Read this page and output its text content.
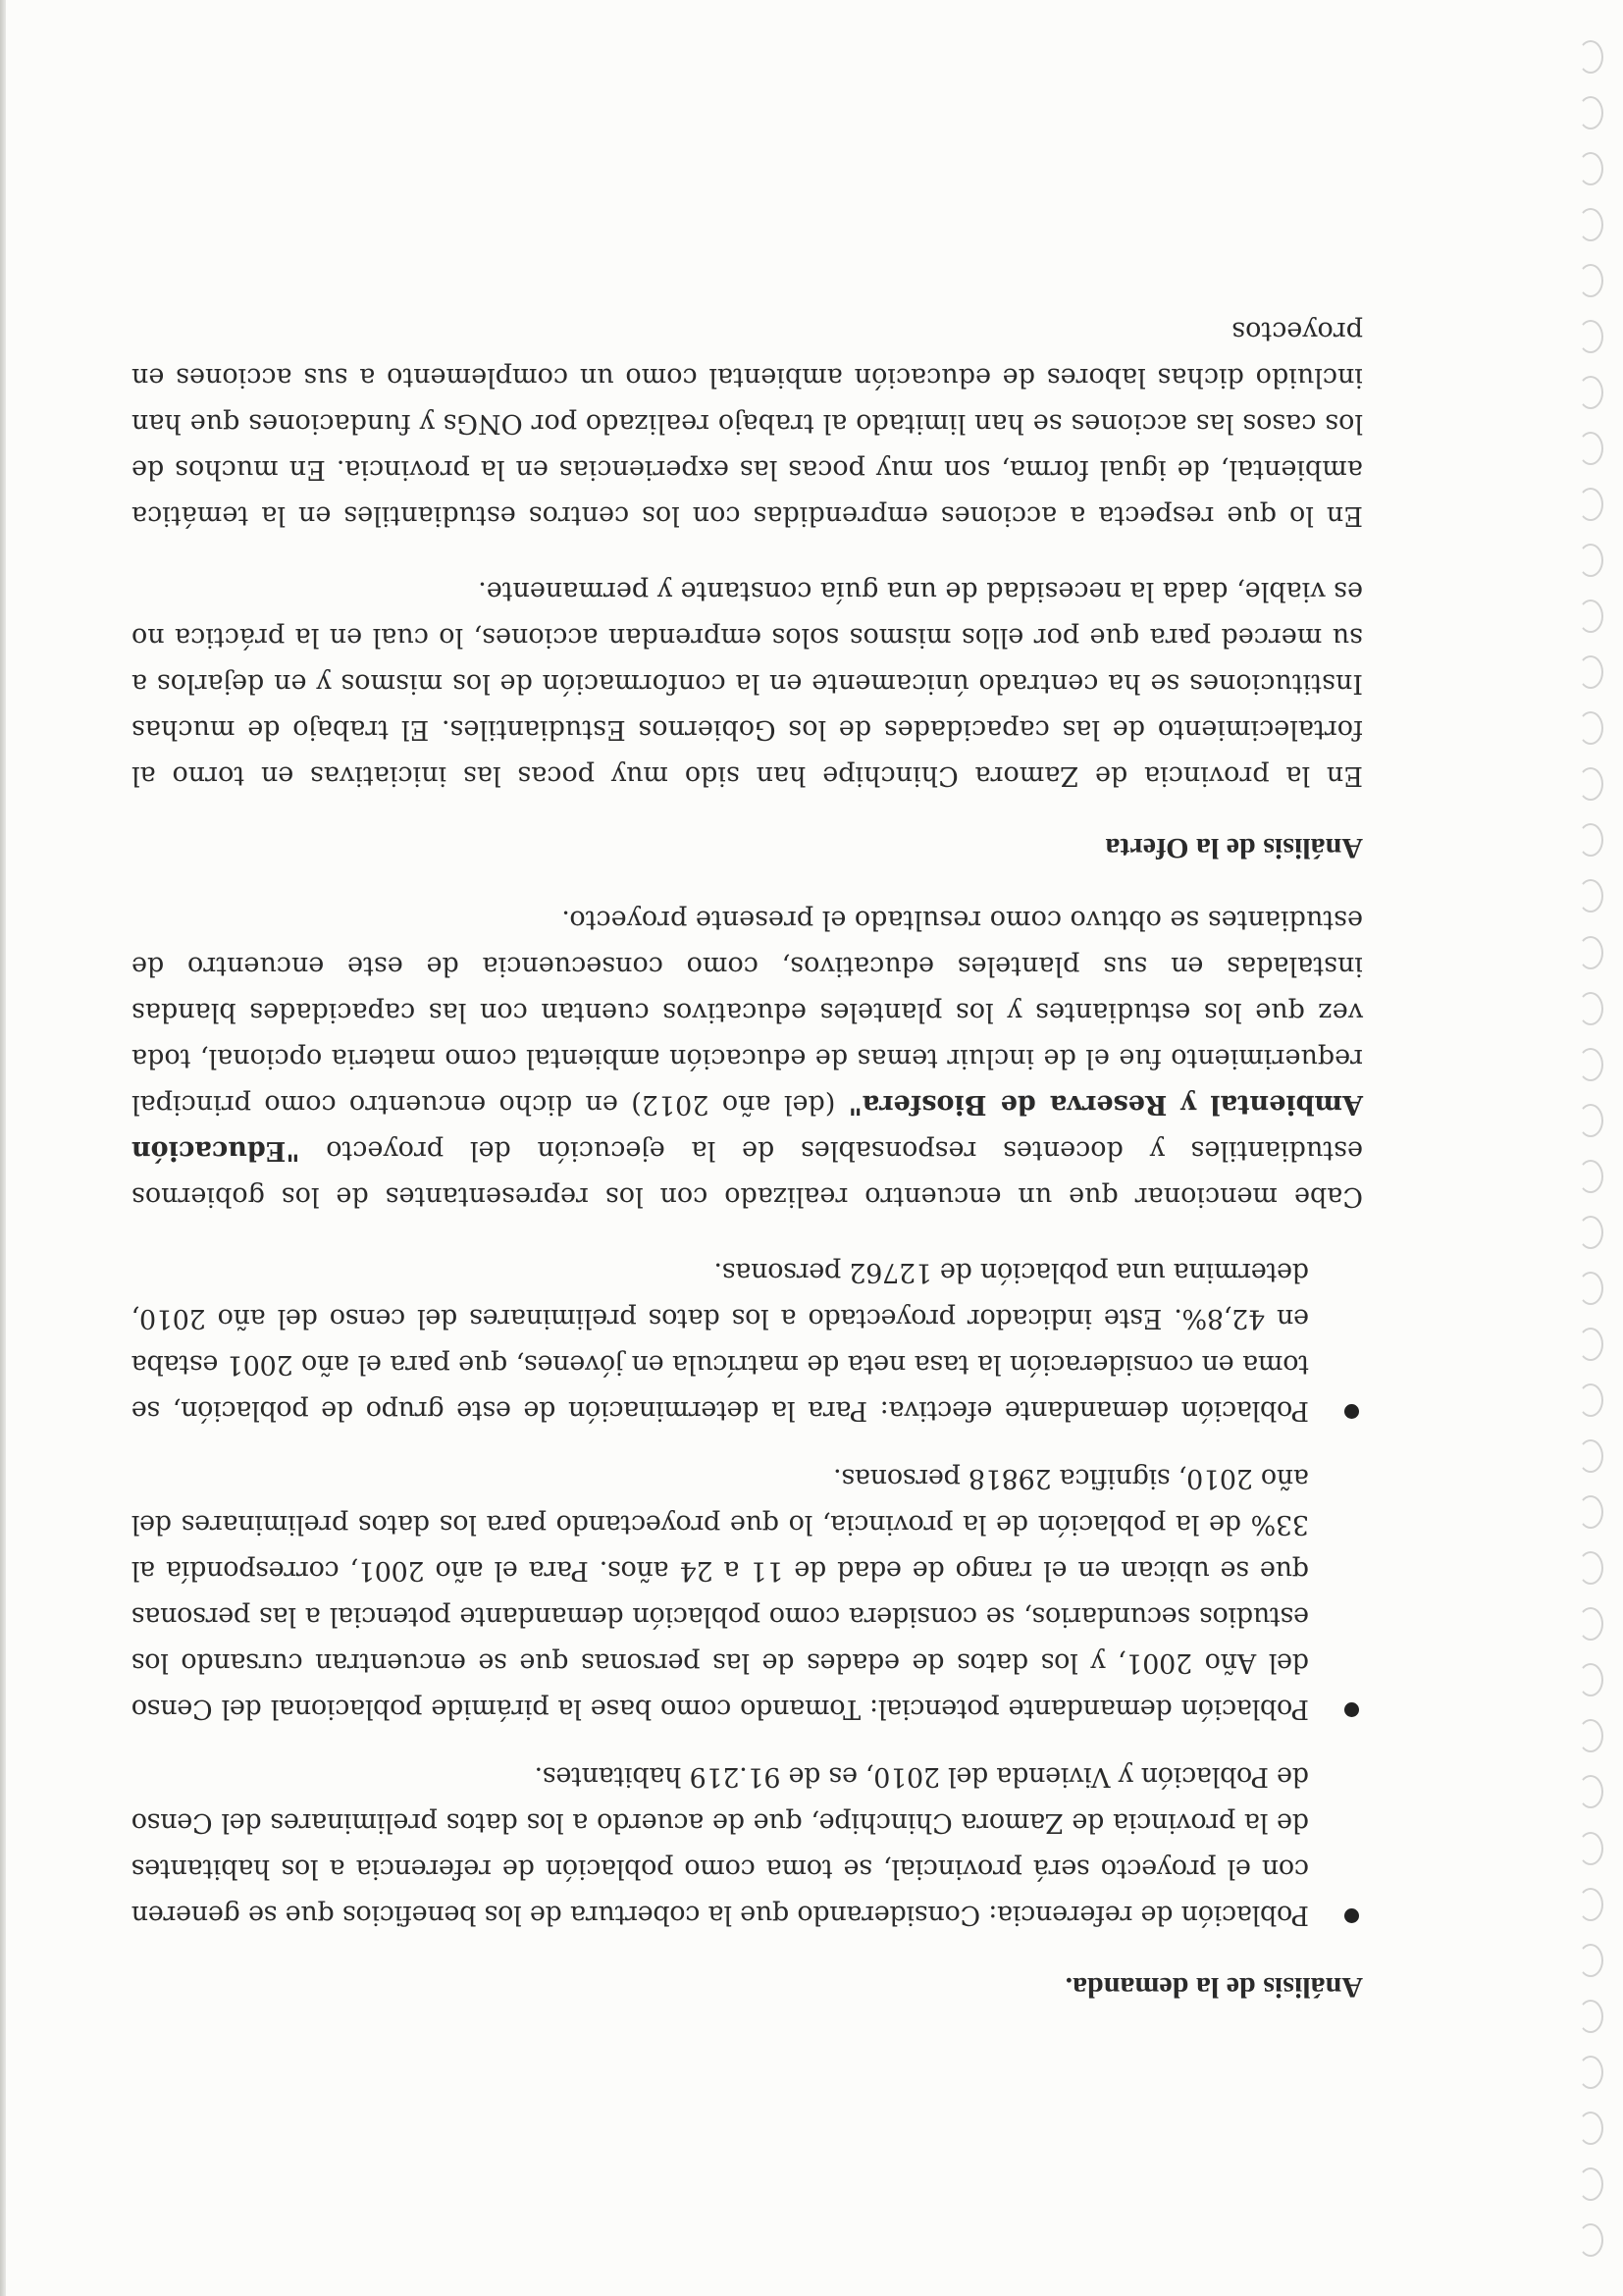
Análisis de la demanda.
Población de referencia: Considerando que la cobertura de los beneficios que se generen con el proyecto será provincial, se toma como población de referencia a los habitantes de la provincia de Zamora Chinchipe, que de acuerdo a los datos preliminares del Censo de Población y Vivienda del 2010, es de 91.219 habitantes.
Población demandante potencial: Tomando como base la pirámide poblacional del Censo del Año 2001, y los datos de edades de las personas que se encuentran cursando los estudios secundarios, se considera como población demandante potencial a las personas que se ubican en el rango de edad de 11 a 24 años. Para el año 2001, correspondía al 33% de la población de la provincia, lo que proyectando para los datos preliminares del año 2010, significa 29818 personas.
Población demandante efectiva: Para la determinación de este grupo de población, se toma en consideración la tasa neta de matrícula en jóvenes, que para el año 2001 estaba en 42,8%. Este indicador proyectado a los datos preliminares del censo del año 2010, determina una población de 12762 personas.

Cabe mencionar que un encuentro realizado con los representantes de los gobiernos estudiantiles y docentes responsables de la ejecución del proyecto "Educación Ambiental y Reserva de Biosfera" (del año 2012) en dicho encuentro como principal requerimiento fue el de incluir temas de educación ambiental como materia opcional, toda vez que los estudiantes y los planteles educativos cuentan con las capacidades blandas instaladas en sus planteles educativos, como consecuencia de este encuentro de estudiantes se obtuvo como resultado el presente proyecto.

Análisis de la Oferta

En la provincia de Zamora Chinchipe han sido muy pocas las iniciativas en torno al fortalecimiento de las capacidades de los Gobiernos Estudiantiles. El trabajo de muchas Instituciones se ha centrado únicamente en la conformación de los mismos y en dejarlos a su merced para que por ellos mismos solos emprendan acciones, lo cual en la práctica no es viable, dada la necesidad de una guía constante y permanente.

En lo que respecta a acciones emprendidas con los centros estudiantiles en la temática ambiental, de igual forma, son muy pocas las experiencias en la provincia. En muchos de los casos las acciones se han limitado al trabajo realizado por ONGs y fundaciones que han incluido dichas labores de educación ambiental como un complemento a sus acciones en proyectos
